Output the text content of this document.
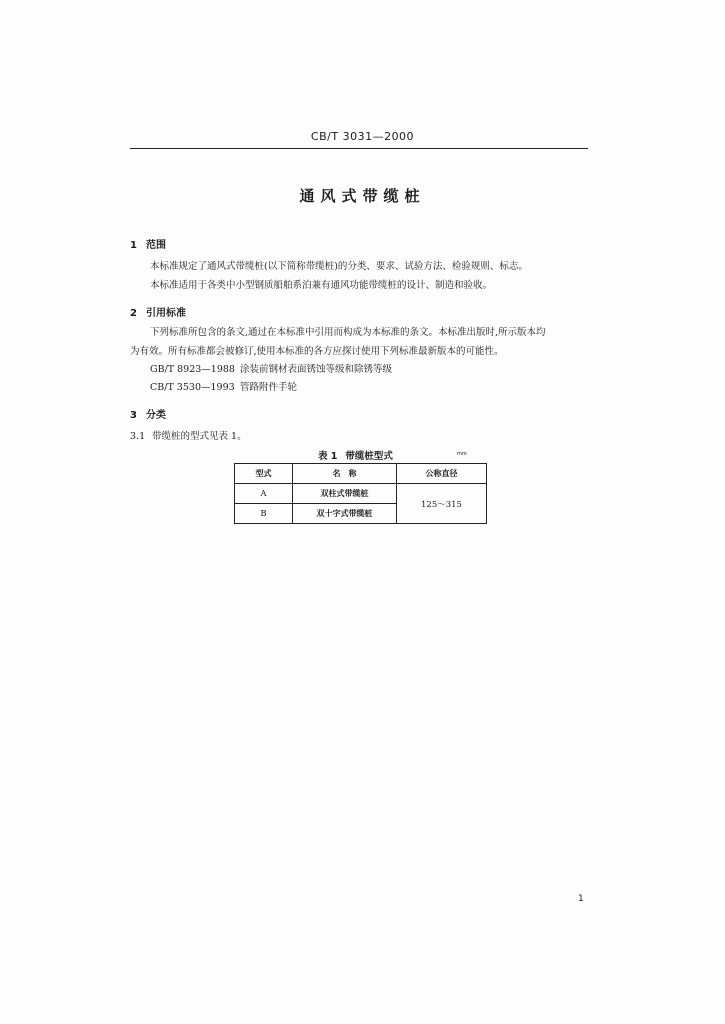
CB/T 3031—2000
通风式带缆桩
1 范围
本标准规定了通风式带缆桩(以下简称带缆桩)的分类、要求、试验方法、检验规则、标志。
本标准适用于各类中小型钢质船舶系泊兼有通风功能带缆桩的设计、制造和验收。
2 引用标准
下列标准所包含的条文,通过在本标准中引用而构成为本标准的条文。本标准出版时,所示版本均
为有效。所有标准都会被修订,使用本标准的各方应探讨使用下列标准最新版本的可能性。
GB/T 8923—1988 涂装前钢材表面锈蚀等级和除锈等级
CB/T 3530—1993 管路附件手轮
3 分类
3.1 带缆桩的型式见表 1。
表 1 带缆桩型式	mm
型式	名　称	公称直径
A	双柱式带缆桩	125～315
B	双十字式带缆桩	
1
